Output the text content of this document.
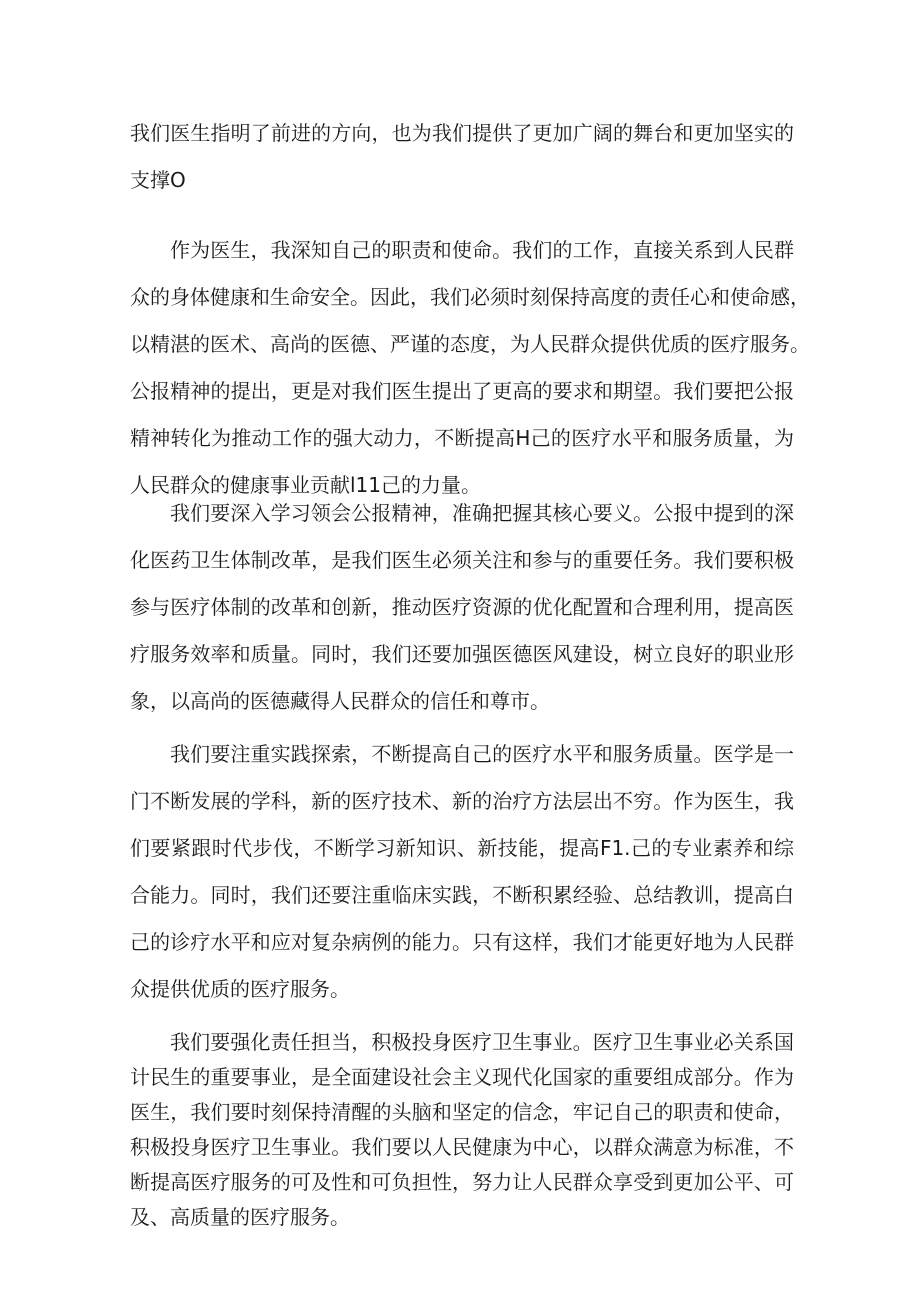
我们医生指明了前进的方向，也为我们提供了更加广阔的舞台和更加坚实的
支撑O
作为医生，我深知自己的职责和使命。我们的工作，直接关系到人民群
众的身体健康和生命安全。因此，我们必须时刻保持高度的责任心和使命感，
以精湛的医术、高尚的医德、严谨的态度，为人民群众提供优质的医疗服务。
公报精神的提出，更是对我们医生提出了更高的要求和期望。我们要把公报
精神转化为推动工作的强大动力，不断提高H己的医疗水平和服务质量，为
人民群众的健康事业贡献l11己的力量。
我们要深入学习领会公报精神，准确把握其核心要义。公报中提到的深
化医药卫生体制改革，是我们医生必须关注和参与的重要任务。我们要积极
参与医疗体制的改革和创新，推动医疗资源的优化配置和合理利用，提高医
疗服务效率和质量。同时，我们还要加强医德医风建设，树立良好的职业形
象，以高尚的医德藏得人民群众的信任和尊市。
我们要注重实践探索，不断提高自己的医疗水平和服务质量。医学是一
门不断发展的学科，新的医疗技术、新的治疗方法层出不穷。作为医生，我
们要紧跟时代步伐，不断学习新知识、新技能，提高F1.己的专业素养和综
合能力。同时，我们还要注重临床实践，不断积累经验、总结教训，提高白
己的诊疗水平和应对复杂病例的能力。只有这样，我们才能更好地为人民群
众提供优质的医疗服务。
我们要强化责任担当，积极投身医疗卫生事业。医疗卫生事业必关系国
计民生的重要事业，是全面建设社会主义现代化国家的重要组成部分。作为
医生，我们要时刻保持清醒的头脑和坚定的信念，牢记自己的职责和使命，
积极投身医疗卫生事业。我们要以人民健康为中心，以群众满意为标准，不
断提高医疗服务的可及性和可负担性，努力让人民群众享受到更加公平、可
及、高质量的医疗服务。
